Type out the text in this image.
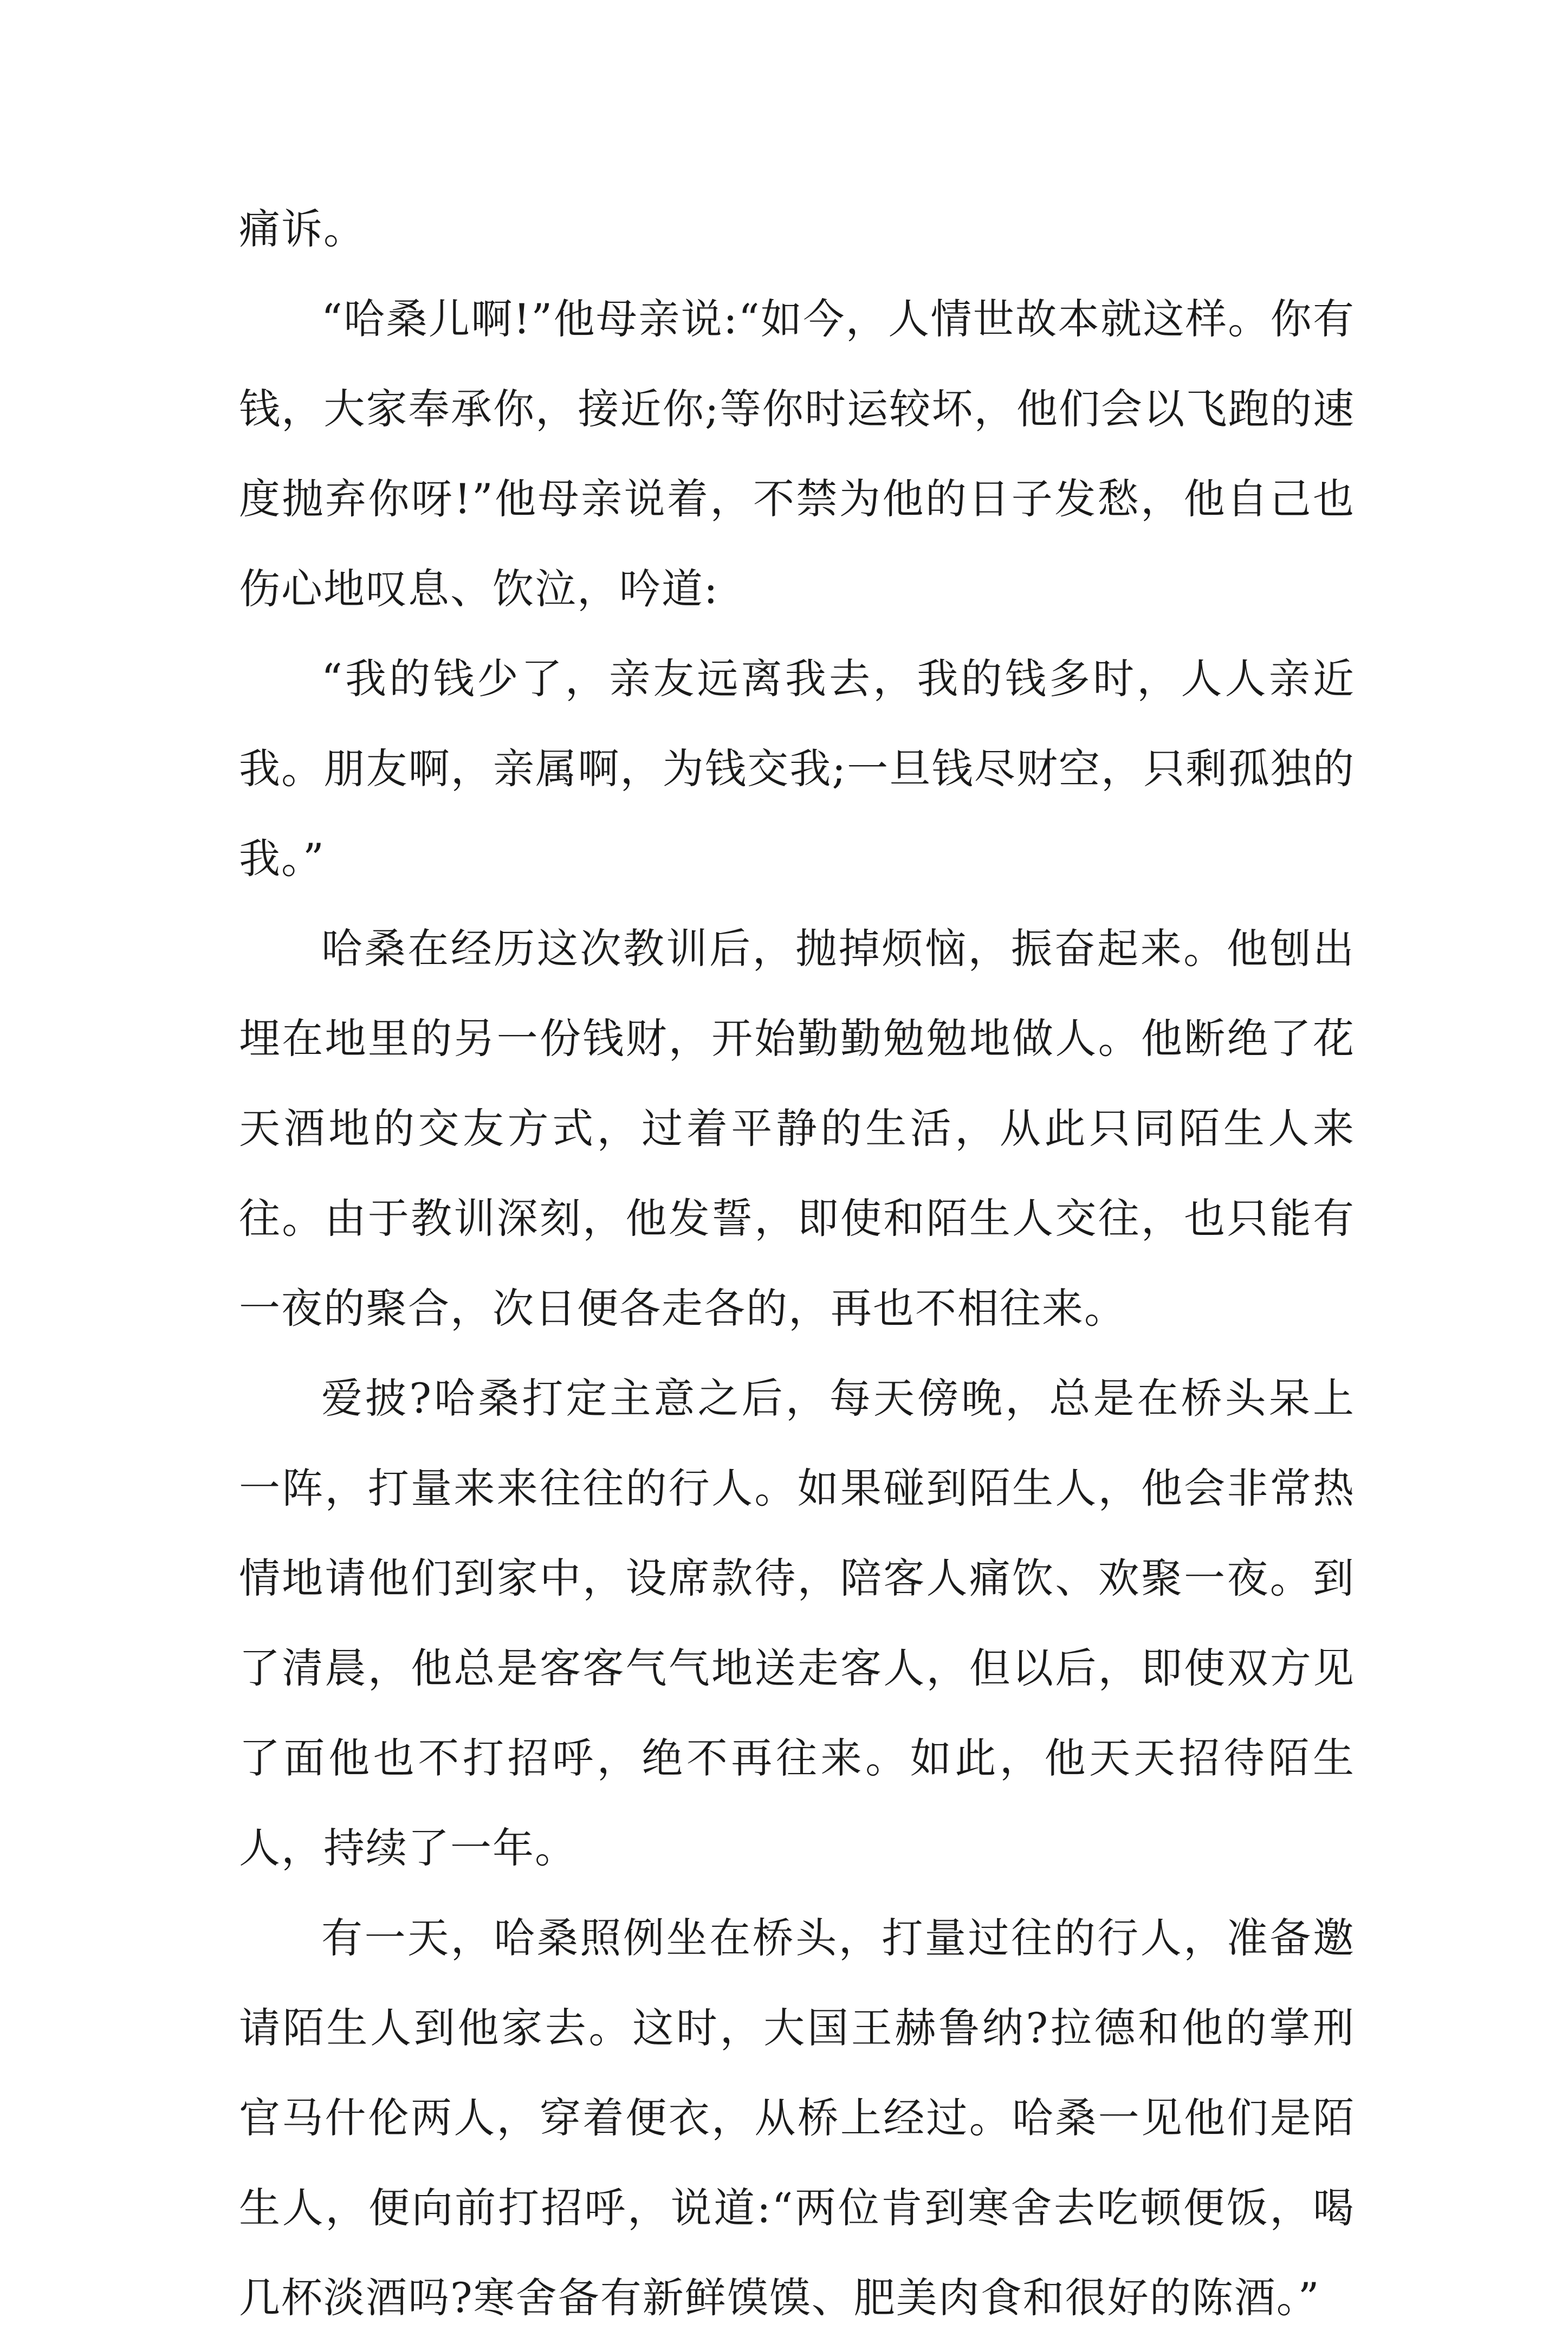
痛诉。

“哈桑儿啊!”他母亲说:“如今，人情世故本就这样。你有钱，大家奉承你，接近你;等你时运较坏，他们会以飞跑的速度抛弃你呀!”他母亲说着，不禁为他的日子发愁，他自己也伤心地叹息、饮泣，吟道:

“我的钱少了，亲友远离我去，我的钱多时，人人亲近我。朋友啊，亲属啊，为钱交我;一旦钱尽财空，只剩孤独的我。”

哈桑在经历这次教训后，抛掉烦恼，振奋起来。他刨出埋在地里的另一份钱财，开始勤勤勉勉地做人。他断绝了花天酒地的交友方式，过着平静的生活，从此只同陌生人来往。由于教训深刻，他发誓，即使和陌生人交往，也只能有一夜的聚合，次日便各走各的，再也不相往来。

爱披?哈桑打定主意之后，每天傍晚，总是在桥头呆上一阵，打量来来往往的行人。如果碰到陌生人，他会非常热情地请他们到家中，设席款待，陪客人痛饮、欢聚一夜。到了清晨，他总是客客气气地送走客人，但以后，即使双方见了面他也不打招呼，绝不再往来。如此，他天天招待陌生人，持续了一年。

有一天，哈桑照例坐在桥头，打量过往的行人，准备邀请陌生人到他家去。这时，大国王赫鲁纳?拉德和他的掌刑官马什伦两人，穿着便衣，从桥上经过。哈桑一见他们是陌生人，便向前打招呼，说道:“两位肯到寒舍去吃顿便饭，喝几杯淡酒吗?寒舍备有新鲜馍馍、肥美肉食和很好的陈酒。”
